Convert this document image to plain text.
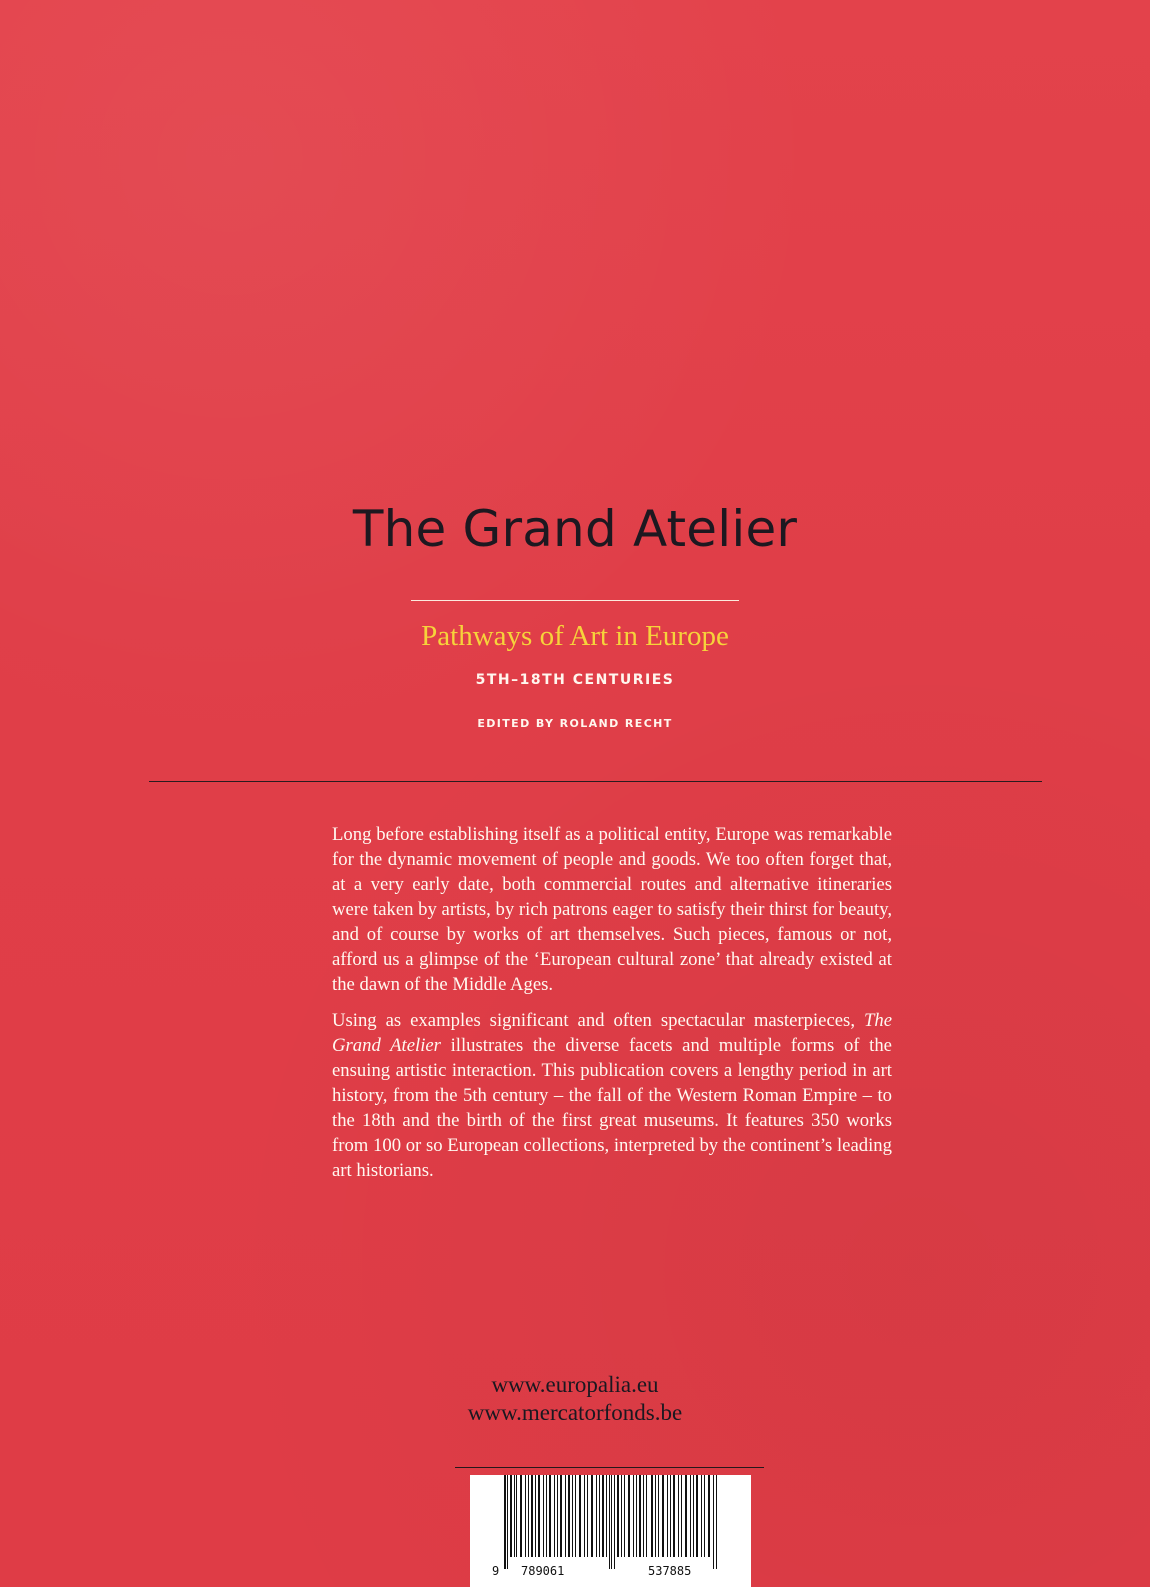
The Grand Atelier
Pathways of Art in Europe
5TH–18TH CENTURIES
EDITED BY ROLAND RECHT

Long before establishing itself as a political entity, Europe was remarkable for the dynamic movement of people and goods. We too often forget that, at a very early date, both commercial routes and alternative itineraries were taken by artists, by rich patrons eager to satisfy their thirst for beauty, and of course by works of art themselves. Such pieces, famous or not, afford us a glimpse of the ‘European cultural zone’ that already existed at the dawn of the Middle Ages.

Using as examples significant and often spectacular masterpieces, The Grand Atelier illustrates the diverse facets and multiple forms of the ensuing artistic interaction. This publication covers a lengthy period in art history, from the 5th century – the fall of the Western Roman Empire – to the 18th and the birth of the first great museums. It features 350 works from 100 or so European collections, interpreted by the continent’s leading art historians.

www.europalia.eu
www.mercatorfonds.be
9 789061	537885
